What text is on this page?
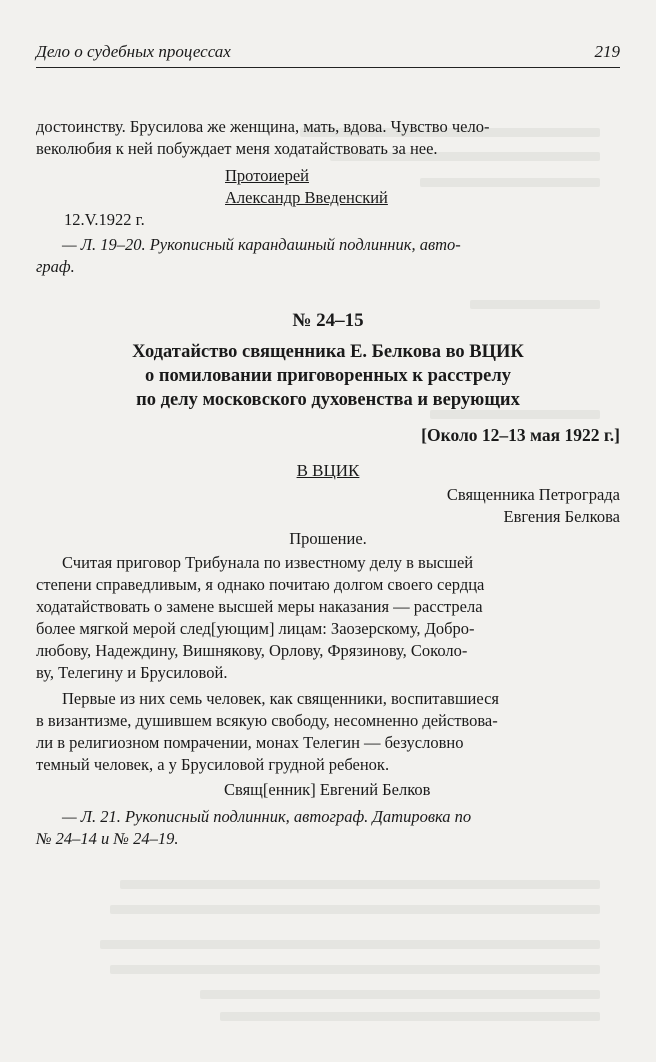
Дело о судебных процессах	219
достоинству. Брусилова же женщина, мать, вдова. Чувство чело-
веколюбия к ней побуждает меня ходатайствовать за нее.
Протоиерей
Александр Введенский
12.V.1922 г.
— Л. 19–20. Рукописный карандашный подлинник, авто-
граф.
№ 24–15
Ходатайство священника Е. Белкова во ВЦИК
о помиловании приговоренных к расстрелу
по делу московского духовенства и верующих
[Около 12–13 мая 1922 г.]
В ВЦИК
Священника Петрограда
Евгения Белкова
Прошение.
Считая приговор Трибунала по известному делу в высшей
степени справедливым, я однако почитаю долгом своего сердца
ходатайствовать о замене высшей меры наказания — расстрела
более мягкой мерой след[ующим] лицам: Заозерскому, Добро-
любову, Надеждину, Вишнякову, Орлову, Фрязинову, Соколо-
ву, Телегину и Брусиловой.
Первые из них семь человек, как священники, воспитавшиеся
в византизме, душившем всякую свободу, несомненно действова-
ли в религиозном помрачении, монах Телегин — безусловно
темный человек, а у Брусиловой грудной ребенок.
Свящ[енник] Евгений Белков
— Л. 21. Рукописный подлинник, автограф. Датировка по
№ 24–14 и № 24–19.
